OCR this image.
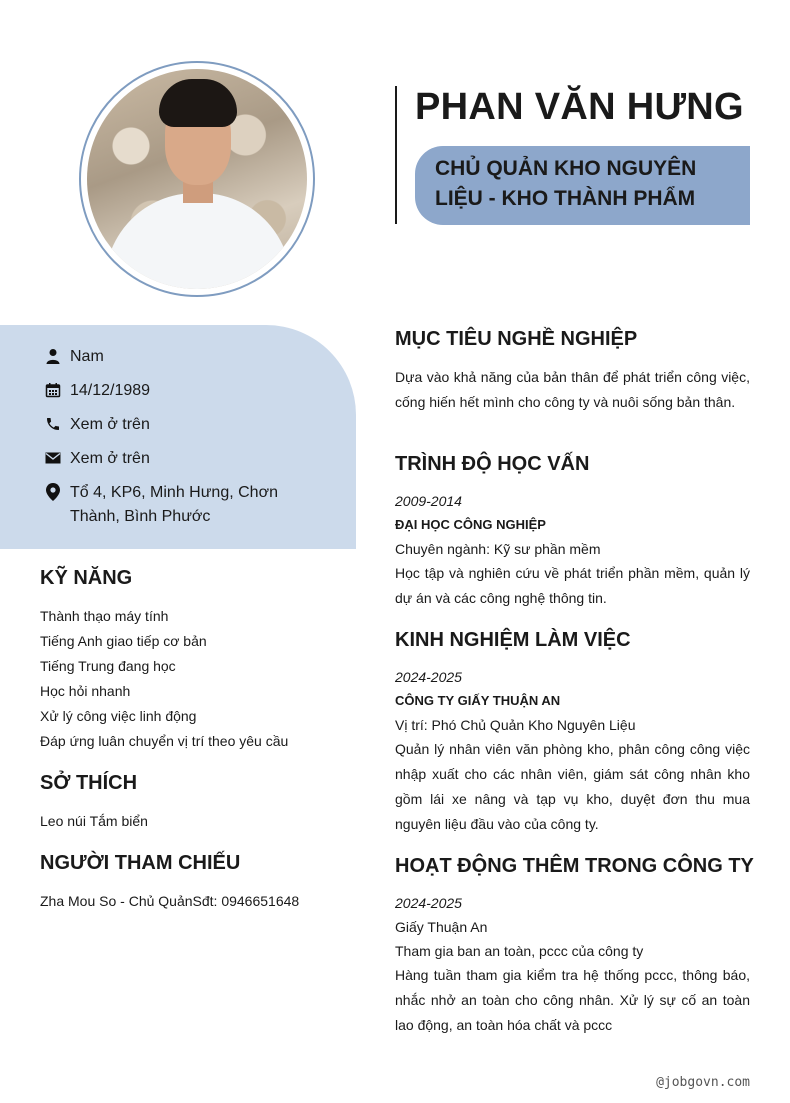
PHAN VĂN HƯNG
CHỦ QUẢN KHO NGUYÊN LIỆU - KHO THÀNH PHẨM
Nam
14/12/1989
Xem ở trên
Xem ở trên
Tổ 4, KP6, Minh Hưng, Chơn Thành, Bình Phước
KỸ NĂNG
Thành thạo máy tính
Tiếng Anh giao tiếp cơ bản
Tiếng Trung đang học
Học hỏi nhanh
Xử lý công việc linh động
Đáp ứng luân chuyển vị trí theo yêu cầu
SỞ THÍCH
Leo núi Tắm biển
NGƯỜI THAM CHIẾU
Zha Mou So - Chủ QuảnSđt: 0946651648
MỤC TIÊU NGHỀ NGHIỆP
Dựa vào khả năng của bản thân để phát triển công việc, cống hiến hết mình cho công ty và nuôi sống bản thân.
TRÌNH ĐỘ HỌC VẤN
2009-2014
ĐẠI HỌC CÔNG NGHIỆP
Chuyên ngành: Kỹ sư phần mềm
Học tập và nghiên cứu về phát triển phần mềm, quản lý dự án và các công nghệ thông tin.
KINH NGHIỆM LÀM VIỆC
2024-2025
CÔNG TY GIẤY THUẬN AN
Vị trí: Phó Chủ Quản Kho Nguyên Liệu
Quản lý nhân viên văn phòng kho, phân công công việc nhập xuất cho các nhân viên, giám sát công nhân kho gồm lái xe nâng và tạp vụ kho, duyệt đơn thu mua nguyên liệu đầu vào của công ty.
HOẠT ĐỘNG THÊM TRONG CÔNG TY
2024-2025
Giấy Thuận An
Tham gia ban an toàn, pccc của công ty
Hàng tuần tham gia kiểm tra hệ thống pccc, thông báo, nhắc nhở an toàn cho công nhân. Xử lý sự cố an toàn lao động, an toàn hóa chất và pccc
@jobgovn.com
